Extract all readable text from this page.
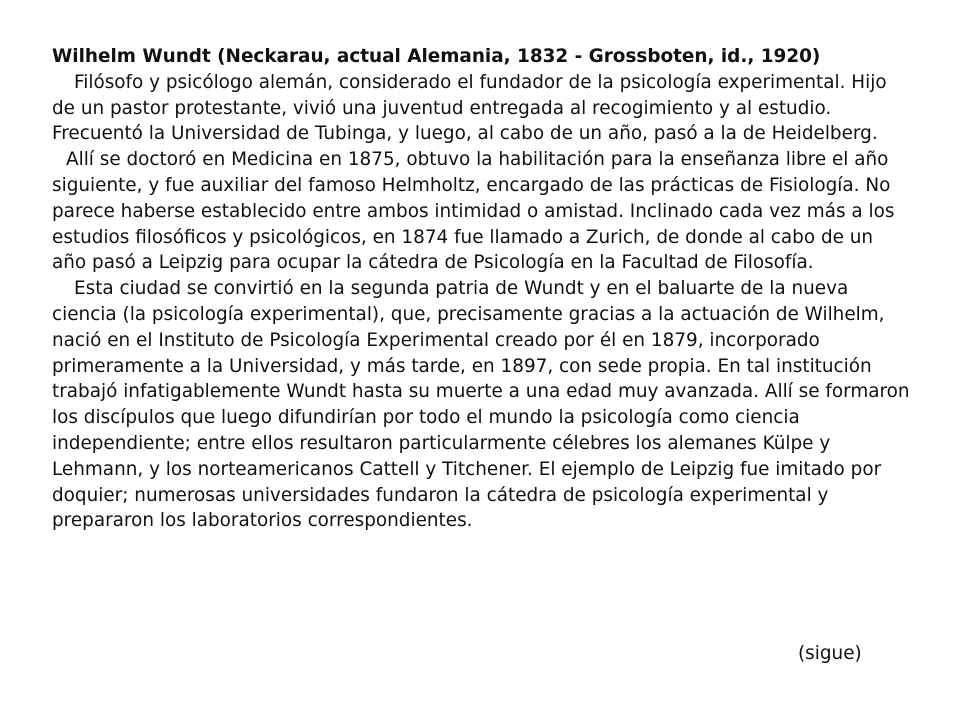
Wilhelm Wundt (Neckarau, actual Alemania, 1832 - Grossboten, id., 1920)

Filósofo y psicólogo alemán, considerado el fundador de la psicología experimental. Hijo de un pastor protestante, vivió una juventud entregada al recogimiento y al estudio. Frecuentó la Universidad de Tubinga, y luego, al cabo de un año, pasó a la de Heidelberg.

Allí se doctoró en Medicina en 1875, obtuvo la habilitación para la enseñanza libre el año siguiente, y fue auxiliar del famoso Helmholtz, encargado de las prácticas de Fisiología. No parece haberse establecido entre ambos intimidad o amistad. Inclinado cada vez más a los estudios filosóficos y psicológicos, en 1874 fue llamado a Zurich, de donde al cabo de un año pasó a Leipzig para ocupar la cátedra de Psicología en la Facultad de Filosofía.

Esta ciudad se convirtió en la segunda patria de Wundt y en el baluarte de la nueva ciencia (la psicología experimental), que, precisamente gracias a la actuación de Wilhelm, nació en el Instituto de Psicología Experimental creado por él en 1879, incorporado primeramente a la Universidad, y más tarde, en 1897, con sede propia. En tal institución trabajó infatigablemente Wundt hasta su muerte a una edad muy avanzada. Allí se formaron los discípulos que luego difundirían por todo el mundo la psicología como ciencia independiente; entre ellos resultaron particularmente célebres los alemanes Külpe y Lehmann, y los norteamericanos Cattell y Titchener. El ejemplo de Leipzig fue imitado por doquier; numerosas universidades fundaron la cátedra de psicología experimental y prepararon los laboratorios correspondientes.

(sigue)
